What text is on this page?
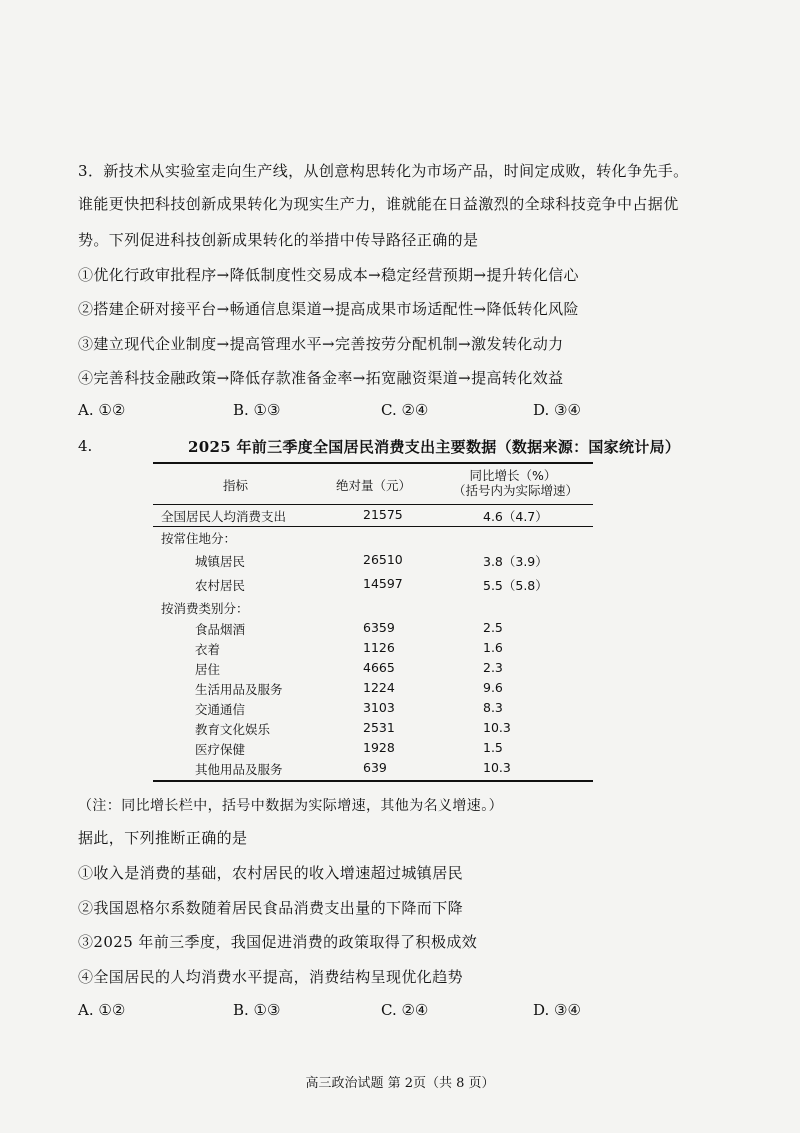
3．新技术从实验室走向生产线，从创意构思转化为市场产品，时间定成败，转化争先手。
谁能更快把科技创新成果转化为现实生产力，谁就能在日益激烈的全球科技竞争中占据优
势。下列促进科技创新成果转化的举措中传导路径正确的是
①优化行政审批程序→降低制度性交易成本→稳定经营预期→提升转化信心
②搭建企研对接平台→畅通信息渠道→提高成果市场适配性→降低转化风险
③建立现代企业制度→提高管理水平→完善按劳分配机制→激发转化动力
④完善科技金融政策→降低存款准备金率→拓宽融资渠道→提高转化效益
A. ①②	B. ①③	C. ②④	D. ③④
4.	2025 年前三季度全国居民消费支出主要数据（数据来源：国家统计局）
指标	绝对量（元）
同比增长（%）
（括号内为实际增速）
全国居民人均消费支出	21575	4.6（4.7）
按常住地分：
城镇居民	26510	3.8（3.9）
农村居民	14597	5.5（5.8）
按消费类别分：
食品烟酒	6359	2.5
衣着	1126	1.6
居住	4665	2.3
生活用品及服务	1224	9.6
交通通信	3103	8.3
教育文化娱乐	2531	10.3
医疗保健	1928	1.5
其他用品及服务	639	10.3
（注：同比增长栏中，括号中数据为实际增速，其他为名义增速。）
据此，下列推断正确的是
①收入是消费的基础，农村居民的收入增速超过城镇居民
②我国恩格尔系数随着居民食品消费支出量的下降而下降
③2025 年前三季度，我国促进消费的政策取得了积极成效
④全国居民的人均消费水平提高，消费结构呈现优化趋势
A. ①②	B. ①③	C. ②④	D. ③④
高三政治试题 第 2页（共 8 页）
